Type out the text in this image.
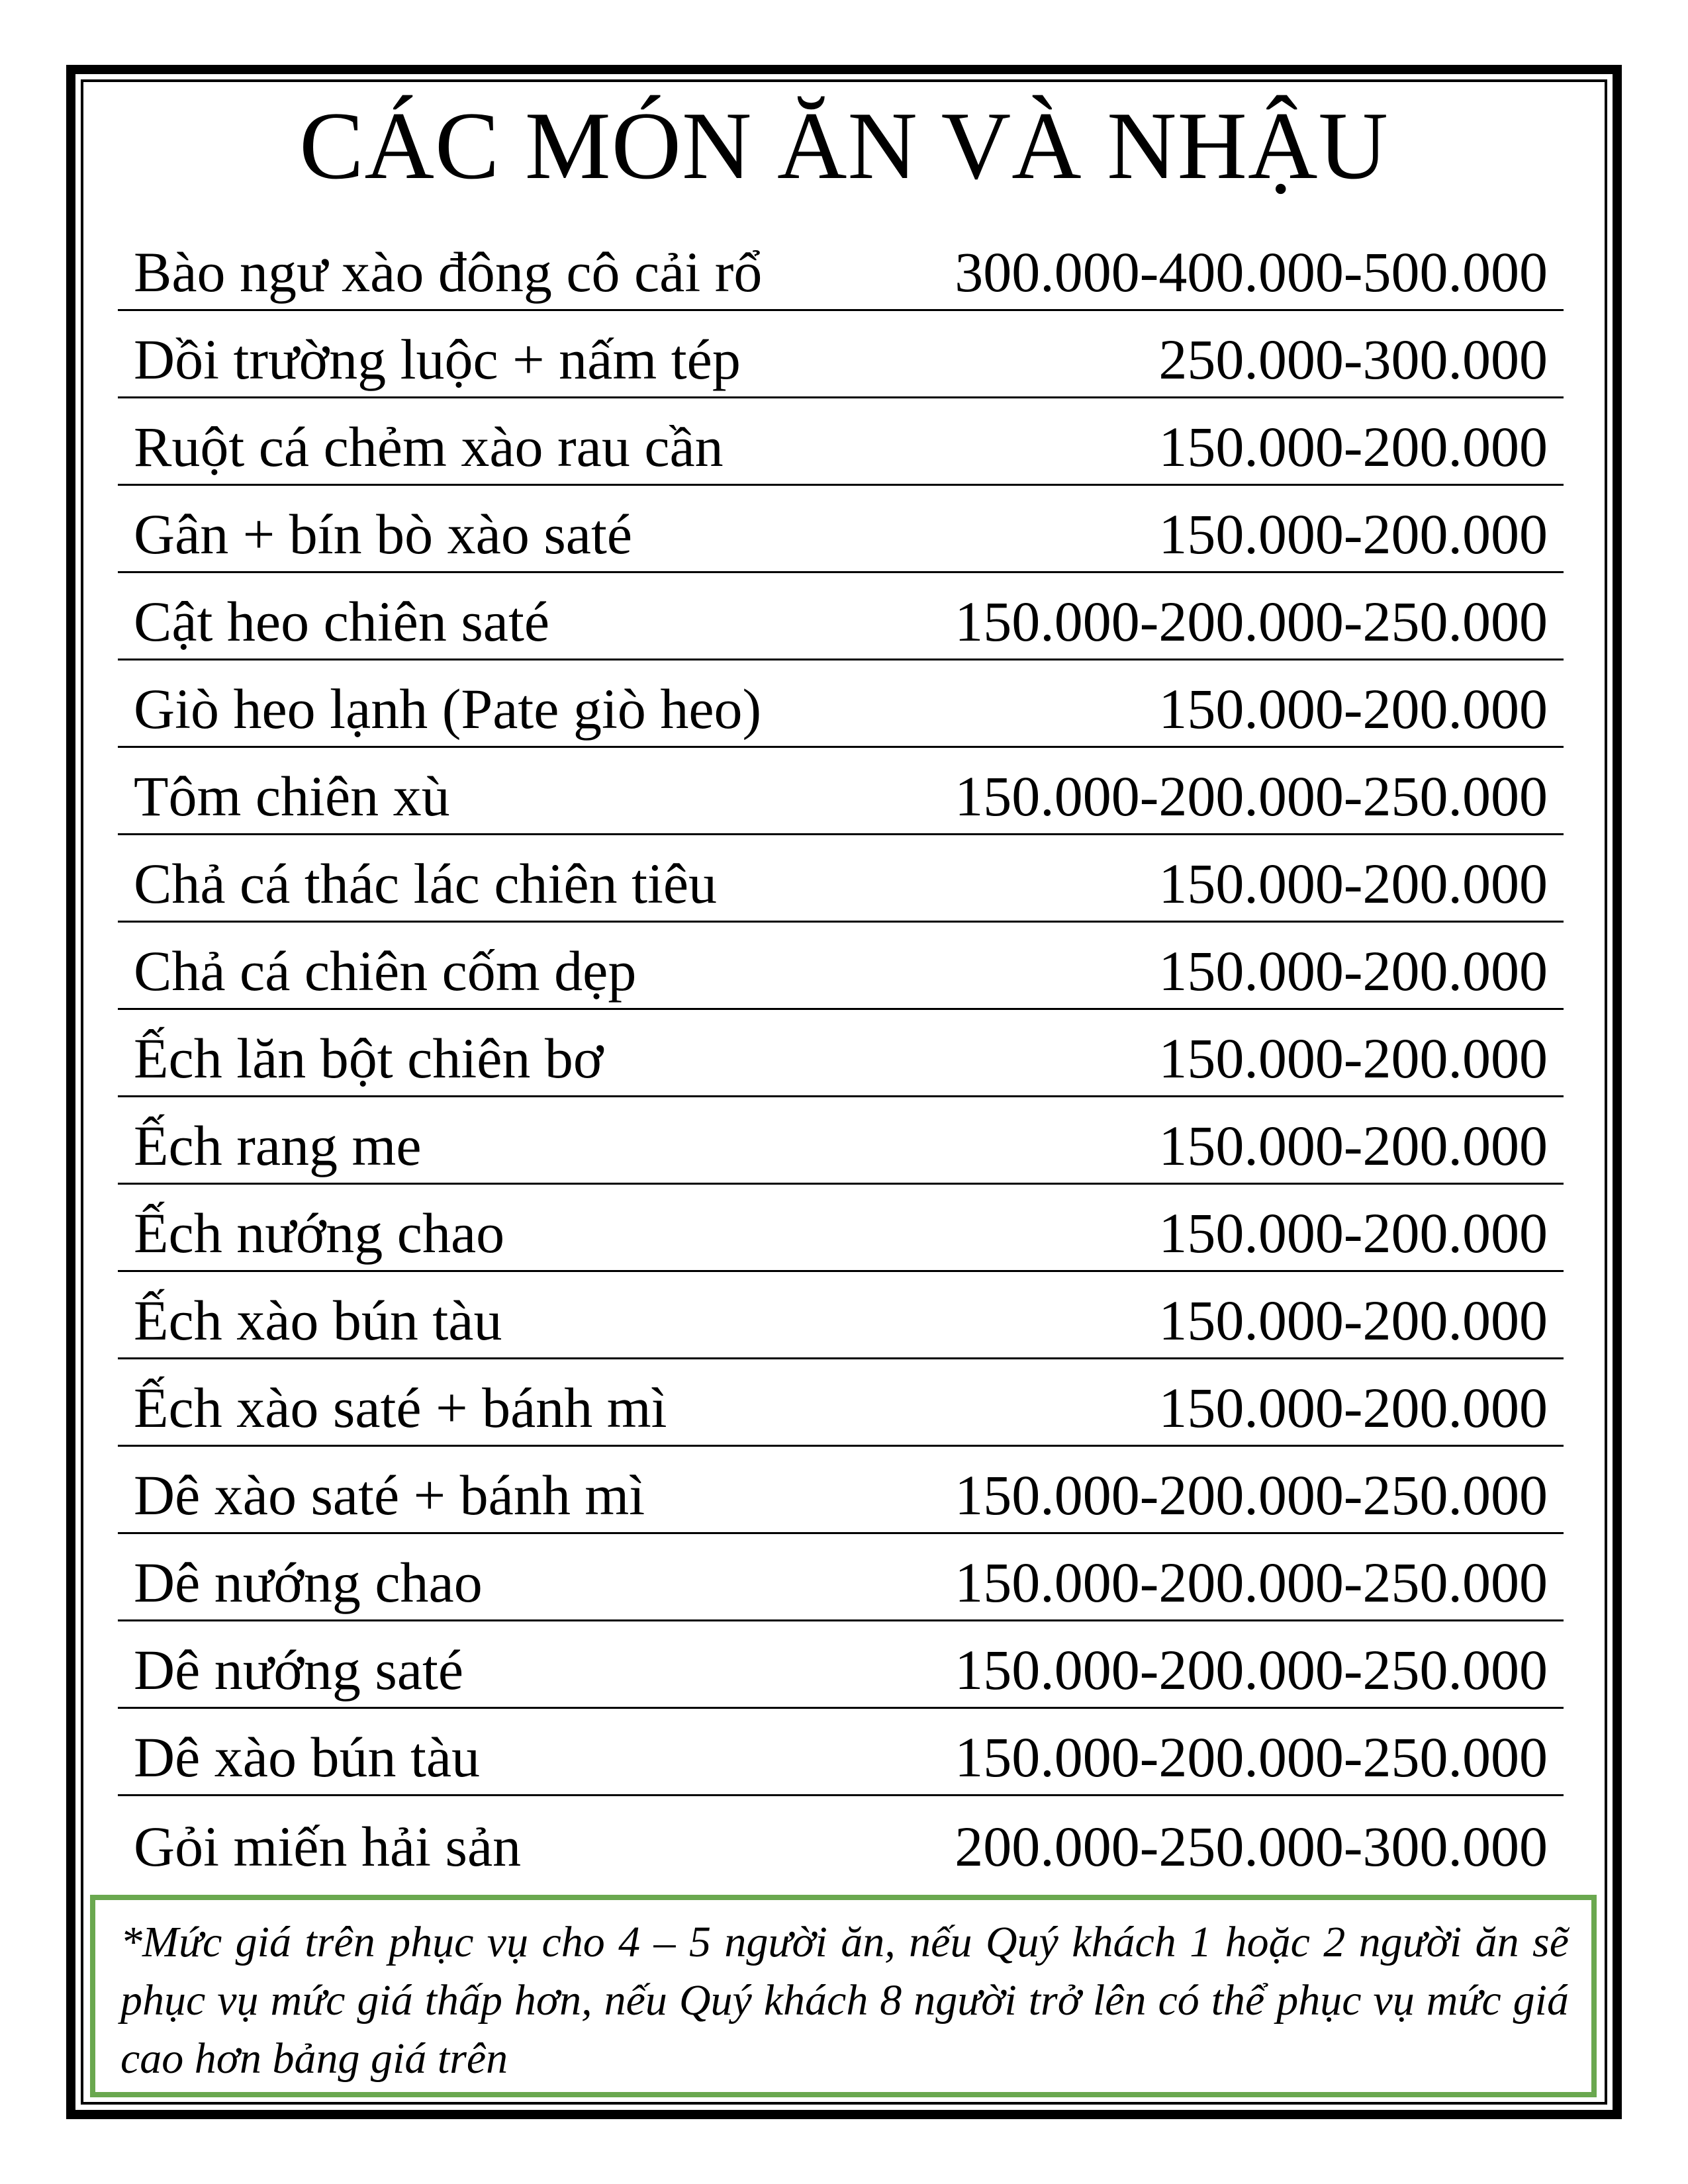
CÁC MÓN ĂN VÀ NHẬU
Bào ngư xào đông cô cải rổ	300.000-400.000-500.000
Dồi trường luộc + nấm tép	250.000-300.000
Ruột cá chẻm xào rau cần	150.000-200.000
Gân + bín bò xào saté	150.000-200.000
Cật heo chiên saté	150.000-200.000-250.000
Giò heo lạnh (Pate giò heo)	150.000-200.000
Tôm chiên xù	150.000-200.000-250.000
Chả cá thác lác chiên tiêu	150.000-200.000
Chả cá chiên cốm dẹp	150.000-200.000
Ếch lăn bột chiên bơ	150.000-200.000
Ếch rang me	150.000-200.000
Ếch nướng chao	150.000-200.000
Ếch xào bún tàu	150.000-200.000
Ếch xào saté + bánh mì	150.000-200.000
Dê xào saté + bánh mì	150.000-200.000-250.000
Dê nướng chao	150.000-200.000-250.000
Dê nướng saté	150.000-200.000-250.000
Dê xào bún tàu	150.000-200.000-250.000
Gỏi miến hải sản	200.000-250.000-300.000
*Mức giá trên phục vụ cho 4 – 5 người ăn, nếu Quý khách 1 hoặc 2 người ăn sẽ phục vụ mức giá thấp hơn, nếu Quý khách 8 người trở lên có thể phục vụ mức giá cao hơn bảng giá trên
